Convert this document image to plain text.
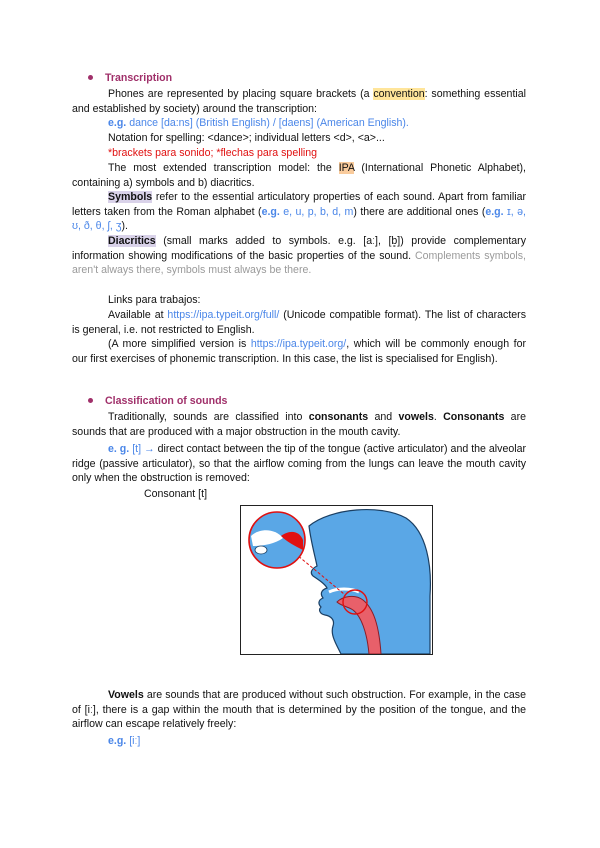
Transcription
Phones are represented by placing square brackets (a convention: something essential and established by society) around the transcription:
e.g. dance [da:ns] (British English) / [daens] (American English).
Notation for spelling: <dance>; individual letters <d>, <a>...
*brackets para sonido; *flechas para spelling
The most extended transcription model: the IPA (International Phonetic Alphabet), containing a) symbols and b) diacritics.
Symbols refer to the essential articulatory properties of each sound. Apart from familiar letters taken from the Roman alphabet (e.g. e, u, p, b, d, m) there are additional ones (e.g. ɪ, ə, ʊ, ð, θ, ʃ, ʒ).
Diacritics (small marks added to symbols. e.g. [aː], [b̥]) provide complementary information showing modifications of the basic properties of the sound. Complements symbols, aren't always there, symbols must always be there.
Links para trabajos:
Available at https://ipa.typeit.org/full/ (Unicode compatible format). The list of characters is general, i.e. not restricted to English.
(A more simplified version is https://ipa.typeit.org/, which will be commonly enough for our first exercises of phonemic transcription. In this case, the list is specialised for English).
Classification of sounds
Traditionally, sounds are classified into consonants and vowels. Consonants are sounds that are produced with a major obstruction in the mouth cavity.
e. g. [t] → direct contact between the tip of the tongue (active articulator) and the alveolar ridge (passive articulator), so that the airflow coming from the lungs can leave the mouth cavity only when the obstruction is removed:
Consonant [t]
Vowels are sounds that are produced without such obstruction. For example, in the case of [iː], there is a gap within the mouth that is determined by the position of the tongue, and the airflow can escape relatively freely:
e.g. [iː]
